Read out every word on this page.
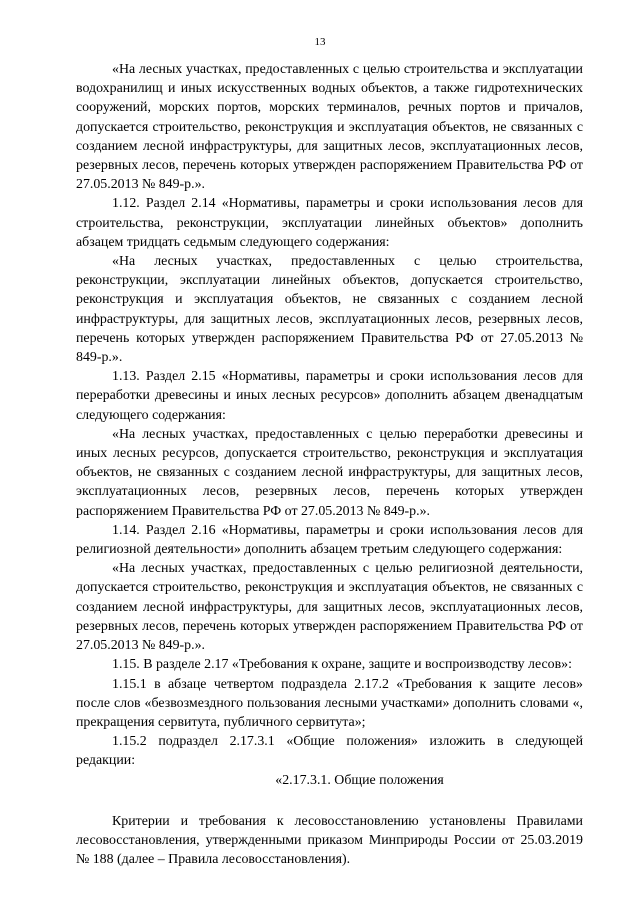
13

«На лесных участках, предоставленных с целью строительства и эксплуатации водохранилищ и иных искусственных водных объектов, а также гидротехнических сооружений, морских портов, морских терминалов, речных портов и причалов, допускается строительство, реконструкция и эксплуатация объектов, не связанных с созданием лесной инфраструктуры, для защитных лесов, эксплуатационных лесов, резервных лесов, перечень которых утвержден распоряжением Правительства РФ от 27.05.2013 № 849-р.».

1.12. Раздел 2.14 «Нормативы, параметры и сроки использования лесов для строительства, реконструкции, эксплуатации линейных объектов» дополнить абзацем тридцать седьмым следующего содержания:

«На лесных участках, предоставленных с целью строительства, реконструкции, эксплуатации линейных объектов, допускается строительство, реконструкция и эксплуатация объектов, не связанных с созданием лесной инфраструктуры, для защитных лесов, эксплуатационных лесов, резервных лесов, перечень которых утвержден распоряжением Правительства РФ от 27.05.2013 № 849-р.».

1.13. Раздел 2.15 «Нормативы, параметры и сроки использования лесов для переработки древесины и иных лесных ресурсов» дополнить абзацем двенадцатым следующего содержания:

«На лесных участках, предоставленных с целью переработки древесины и иных лесных ресурсов, допускается строительство, реконструкция и эксплуатация объектов, не связанных с созданием лесной инфраструктуры, для защитных лесов, эксплуатационных лесов, резервных лесов, перечень которых утвержден распоряжением Правительства РФ от 27.05.2013 № 849-р.».

1.14. Раздел 2.16 «Нормативы, параметры и сроки использования лесов для религиозной деятельности» дополнить абзацем третьим следующего содержания:

«На лесных участках, предоставленных с целью религиозной деятельности, допускается строительство, реконструкция и эксплуатация объектов, не связанных с созданием лесной инфраструктуры, для защитных лесов, эксплуатационных лесов, резервных лесов, перечень которых утвержден распоряжением Правительства РФ от 27.05.2013 № 849-р.».

1.15. В разделе 2.17 «Требования к охране, защите и воспроизводству лесов»:

1.15.1 в абзаце четвертом подраздела 2.17.2 «Требования к защите лесов» после слов «безвозмездного пользования лесными участками» дополнить словами «, прекращения сервитута, публичного сервитута»;

1.15.2 подраздел 2.17.3.1 «Общие положения» изложить в следующей редакции:

«2.17.3.1. Общие положения

Критерии и требования к лесовосстановлению установлены Правилами лесовосстановления, утвержденными приказом Минприроды России от 25.03.2019 № 188 (далее – Правила лесовосстановления).
